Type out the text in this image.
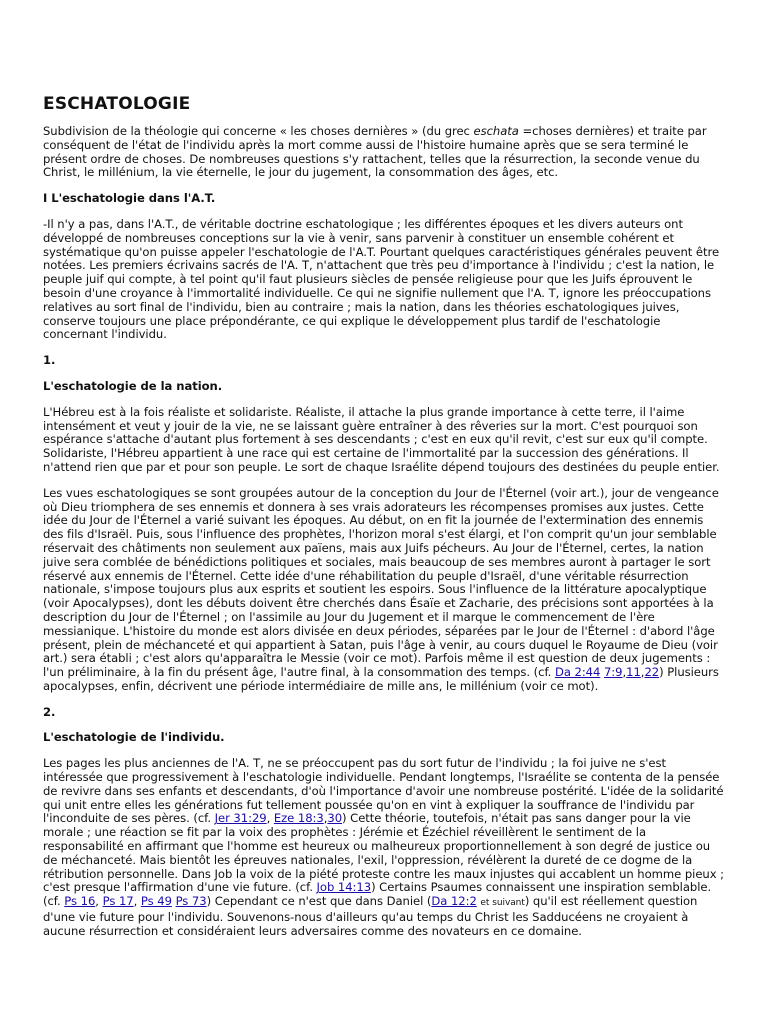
ESCHATOLOGIE

Subdivision de la théologie qui concerne « les choses dernières » (du grec eschata =choses dernières) et traite par conséquent de l'état de l'individu après la mort comme aussi de l'histoire humaine après que se sera terminé le présent ordre de choses. De nombreuses questions s'y rattachent, telles que la résurrection, la seconde venue du Christ, le millénium, la vie éternelle, le jour du jugement, la consommation des âges, etc.

I L'eschatologie dans l'A.T.

-Il n'y a pas, dans l'A.T., de véritable doctrine eschatologique ; les différentes époques et les divers auteurs ont développé de nombreuses conceptions sur la vie à venir, sans parvenir à constituer un ensemble cohérent et systématique qu'on puisse appeler l'eschatologie de l'A.T. Pourtant quelques caractéristiques générales peuvent être notées. Les premiers écrivains sacrés de l'A. T, n'attachent que très peu d'importance à l'individu ; c'est la nation, le peuple juif qui compte, à tel point qu'il faut plusieurs siècles de pensée religieuse pour que les Juifs éprouvent le besoin d'une croyance à l'immortalité individuelle. Ce qui ne signifie nullement que l'A. T, ignore les préoccupations relatives au sort final de l'individu, bien au contraire ; mais la nation, dans les théories eschatologiques juives, conserve toujours une place prépondérante, ce qui explique le développement plus tardif de l'eschatologie concernant l'individu.

1.

L'eschatologie de la nation.

L'Hébreu est à la fois réaliste et solidariste. Réaliste, il attache la plus grande importance à cette terre, il l'aime intensément et veut y jouir de la vie, ne se laissant guère entraîner à des rêveries sur la mort. C'est pourquoi son espérance s'attache d'autant plus fortement à ses descendants ; c'est en eux qu'il revit, c'est sur eux qu'il compte. Solidariste, l'Hébreu appartient à une race qui est certaine de l'immortalité par la succession des générations. Il n'attend rien que par et pour son peuple. Le sort de chaque Israélite dépend toujours des destinées du peuple entier.

Les vues eschatologiques se sont groupées autour de la conception du Jour de l'Éternel (voir art.), jour de vengeance où Dieu triomphera de ses ennemis et donnera à ses vrais adorateurs les récompenses promises aux justes. Cette idée du Jour de l'Éternel a varié suivant les époques. Au début, on en fit la journée de l'extermination des ennemis des fils d'Israël. Puis, sous l'influence des prophètes, l'horizon moral s'est élargi, et l'on comprit qu'un jour semblable réservait des châtiments non seulement aux païens, mais aux Juifs pécheurs. Au Jour de l'Éternel, certes, la nation juive sera comblée de bénédictions politiques et sociales, mais beaucoup de ses membres auront à partager le sort réservé aux ennemis de l'Éternel. Cette idée d'une réhabilitation du peuple d'Israël, d'une véritable résurrection nationale, s'impose toujours plus aux esprits et soutient les espoirs. Sous l'influence de la littérature apocalyptique (voir Apocalypses), dont les débuts doivent être cherchés dans Ésaïe et Zacharie, des précisions sont apportées à la description du Jour de l'Éternel ; on l'assimile au Jour du Jugement et il marque le commencement de l'ère messianique. L'histoire du monde est alors divisée en deux périodes, séparées par le Jour de l'Éternel : d'abord l'âge présent, plein de méchanceté et qui appartient à Satan, puis l'âge à venir, au cours duquel le Royaume de Dieu (voir art.) sera établi ; c'est alors qu'apparaîtra le Messie (voir ce mot). Parfois même il est question de deux jugements : l'un préliminaire, à la fin du présent âge, l'autre final, à la consommation des temps. (cf. Da 2:44 7:9,11,22) Plusieurs apocalypses, enfin, décrivent une période intermédiaire de mille ans, le millénium (voir ce mot).

2.

L'eschatologie de l'individu.

Les pages les plus anciennes de l'A. T, ne se préoccupent pas du sort futur de l'individu ; la foi juive ne s'est intéressée que progressivement à l'eschatologie individuelle. Pendant longtemps, l'Israélite se contenta de la pensée de revivre dans ses enfants et descendants, d'où l'importance d'avoir une nombreuse postérité. L'idée de la solidarité qui unit entre elles les générations fut tellement poussée qu'on en vint à expliquer la souffrance de l'individu par l'inconduite de ses pères. (cf. Jer 31:29, Eze 18:3,30) Cette théorie, toutefois, n'était pas sans danger pour la vie morale ; une réaction se fit par la voix des prophètes : Jérémie et Ézéchiel réveillèrent le sentiment de la responsabilité en affirmant que l'homme est heureux ou malheureux proportionnellement à son degré de justice ou de méchanceté. Mais bientôt les épreuves nationales, l'exil, l'oppression, révélèrent la dureté de ce dogme de la rétribution personnelle. Dans Job la voix de la piété proteste contre les maux injustes qui accablent un homme pieux ; c'est presque l'affirmation d'une vie future. (cf. Job 14:13) Certains Psaumes connaissent une inspiration semblable. (cf. Ps 16, Ps 17, Ps 49 Ps 73) Cependant ce n'est que dans Daniel (Da 12:2 et suivant) qu'il est réellement question d'une vie future pour l'individu. Souvenons-nous d'ailleurs qu'au temps du Christ les Sadducéens ne croyaient à aucune résurrection et considéraient leurs adversaires comme des novateurs en ce domaine.
